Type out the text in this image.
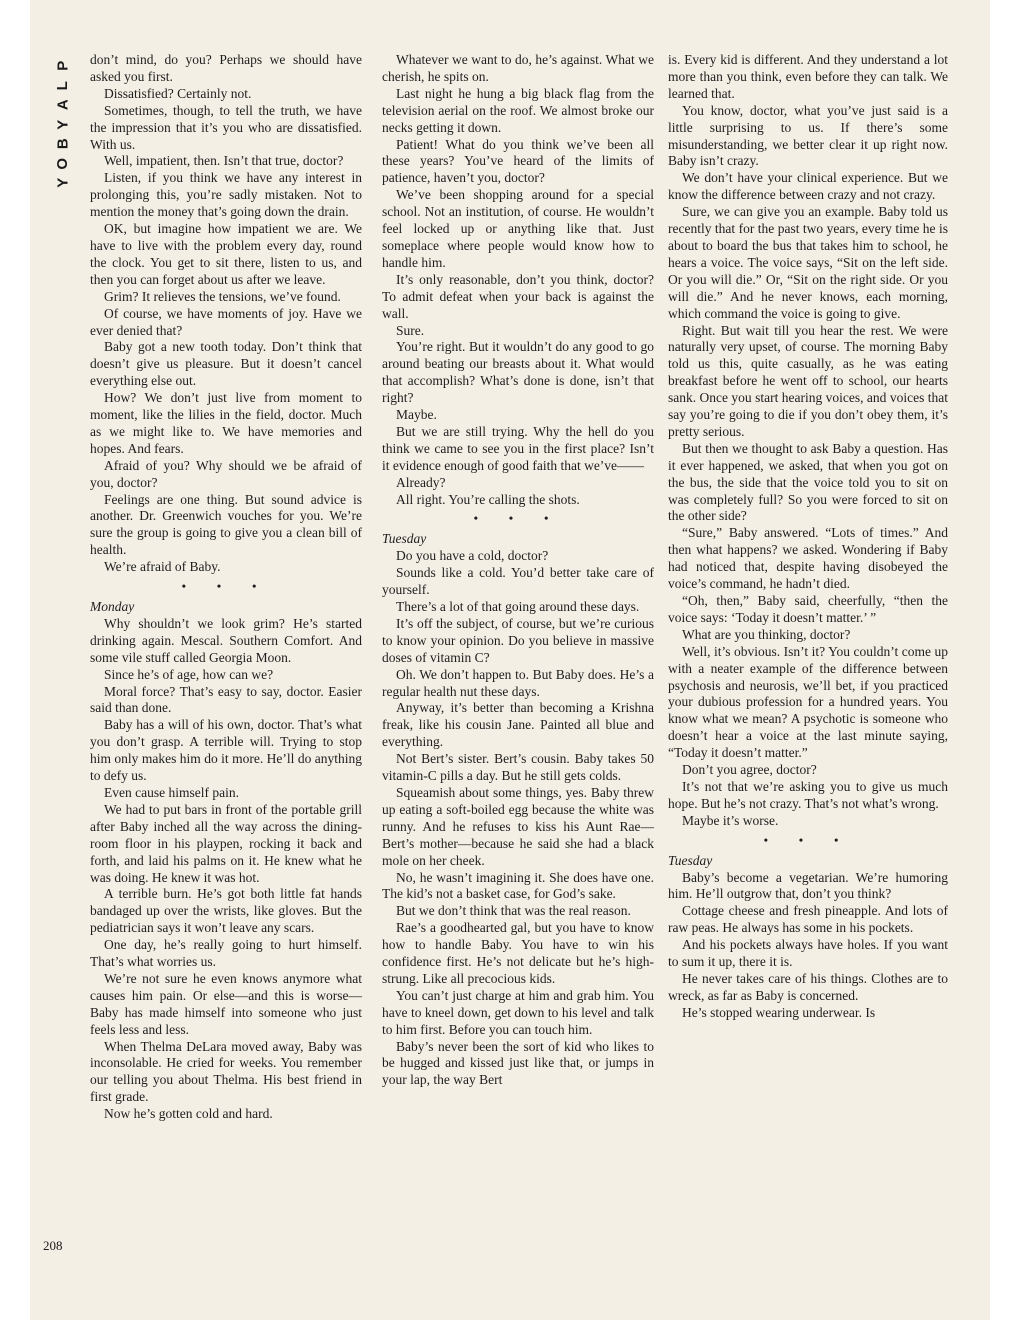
P
L
A
Y
B
O
Y
208

don’t mind, do you? Perhaps we should have asked you first.

Dissatisfied? Certainly not.

Sometimes, though, to tell the truth, we have the impression that it’s you who are dissatisfied. With us.

Well, impatient, then. Isn’t that true, doctor?

Listen, if you think we have any interest in prolonging this, you’re sadly mistaken. Not to mention the money that’s going down the drain.

OK, but imagine how impatient we are. We have to live with the problem every day, round the clock. You get to sit there, listen to us, and then you can forget about us after we leave.

Grim? It relieves the tensions, we’ve found.

Of course, we have moments of joy. Have we ever denied that?

Baby got a new tooth today. Don’t think that doesn’t give us pleasure. But it doesn’t cancel everything else out.

How? We don’t just live from moment to moment, like the lilies in the field, doctor. Much as we might like to. We have memories and hopes. And fears.

Afraid of you? Why should we be afraid of you, doctor?

Feelings are one thing. But sound advice is another. Dr. Greenwich vouches for you. We’re sure the group is going to give you a clean bill of health.

We’re afraid of Baby.

• • •

Monday

Why shouldn’t we look grim? He’s started drinking again. Mescal. Southern Comfort. And some vile stuff called Georgia Moon.

Since he’s of age, how can we?

Moral force? That’s easy to say, doctor. Easier said than done.

Baby has a will of his own, doctor. That’s what you don’t grasp. A terrible will. Trying to stop him only makes him do it more. He’ll do anything to defy us.

Even cause himself pain.

We had to put bars in front of the portable grill after Baby inched all the way across the dining-room floor in his playpen, rocking it back and forth, and laid his palms on it. He knew what he was doing. He knew it was hot.

A terrible burn. He’s got both little fat hands bandaged up over the wrists, like gloves. But the pediatrician says it won’t leave any scars.

One day, he’s really going to hurt himself. That’s what worries us.

We’re not sure he even knows anymore what causes him pain. Or else—and this is worse—Baby has made himself into someone who just feels less and less.

When Thelma DeLara moved away, Baby was inconsolable. He cried for weeks. You remember our telling you about Thelma. His best friend in first grade.

Now he’s gotten cold and hard.

Whatever we want to do, he’s against. What we cherish, he spits on.

Last night he hung a big black flag from the television aerial on the roof. We almost broke our necks getting it down.

Patient! What do you think we’ve been all these years? You’ve heard of the limits of patience, haven’t you, doctor?

We’ve been shopping around for a special school. Not an institution, of course. He wouldn’t feel locked up or anything like that. Just someplace where people would know how to handle him.

It’s only reasonable, don’t you think, doctor? To admit defeat when your back is against the wall.

Sure.

You’re right. But it wouldn’t do any good to go around beating our breasts about it. What would that accomplish? What’s done is done, isn’t that right?

Maybe.

But we are still trying. Why the hell do you think we came to see you in the first place? Isn’t it evidence enough of good faith that we’ve——

Already?

All right. You’re calling the shots.

• • •

Tuesday

Do you have a cold, doctor?

Sounds like a cold. You’d better take care of yourself.

There’s a lot of that going around these days.

It’s off the subject, of course, but we’re curious to know your opinion. Do you believe in massive doses of vitamin C?

Oh. We don’t happen to. But Baby does. He’s a regular health nut these days.

Anyway, it’s better than becoming a Krishna freak, like his cousin Jane. Painted all blue and everything.

Not Bert’s sister. Bert’s cousin. Baby takes 50 vitamin-C pills a day. But he still gets colds.

Squeamish about some things, yes. Baby threw up eating a soft-boiled egg because the white was runny. And he refuses to kiss his Aunt Rae—Bert’s mother—because he said she had a black mole on her cheek.

No, he wasn’t imagining it. She does have one. The kid’s not a basket case, for God’s sake.

But we don’t think that was the real reason.

Rae’s a goodhearted gal, but you have to know how to handle Baby. You have to win his confidence first. He’s not delicate but he’s high-strung. Like all precocious kids.

You can’t just charge at him and grab him. You have to kneel down, get down to his level and talk to him first. Before you can touch him.

Baby’s never been the sort of kid who likes to be hugged and kissed just like that, or jumps in your lap, the way Bert

is. Every kid is different. And they understand a lot more than you think, even before they can talk. We learned that.

You know, doctor, what you’ve just said is a little surprising to us. If there’s some misunderstanding, we better clear it up right now. Baby isn’t crazy.

We don’t have your clinical experience. But we know the difference between crazy and not crazy.

Sure, we can give you an example. Baby told us recently that for the past two years, every time he is about to board the bus that takes him to school, he hears a voice. The voice says, “Sit on the left side. Or you will die.” Or, “Sit on the right side. Or you will die.” And he never knows, each morning, which command the voice is going to give.

Right. But wait till you hear the rest. We were naturally very upset, of course. The morning Baby told us this, quite casually, as he was eating breakfast before he went off to school, our hearts sank. Once you start hearing voices, and voices that say you’re going to die if you don’t obey them, it’s pretty serious.

But then we thought to ask Baby a question. Has it ever happened, we asked, that when you got on the bus, the side that the voice told you to sit on was completely full? So you were forced to sit on the other side?

“Sure,” Baby answered. “Lots of times.” And then what happens? we asked. Wondering if Baby had noticed that, despite having disobeyed the voice’s command, he hadn’t died.

“Oh, then,” Baby said, cheerfully, “then the voice says: ‘Today it doesn’t matter.’ ”

What are you thinking, doctor?

Well, it’s obvious. Isn’t it? You couldn’t come up with a neater example of the difference between psychosis and neurosis, we’ll bet, if you practiced your dubious profession for a hundred years. You know what we mean? A psychotic is someone who doesn’t hear a voice at the last minute saying, “Today it doesn’t matter.”

Don’t you agree, doctor?

It’s not that we’re asking you to give us much hope. But he’s not crazy. That’s not what’s wrong.

Maybe it’s worse.

• • •

Tuesday

Baby’s become a vegetarian. We’re humoring him. He’ll outgrow that, don’t you think?

Cottage cheese and fresh pineapple. And lots of raw peas. He always has some in his pockets.

And his pockets always have holes. If you want to sum it up, there it is.

He never takes care of his things. Clothes are to wreck, as far as Baby is concerned.

He’s stopped wearing underwear. Is
